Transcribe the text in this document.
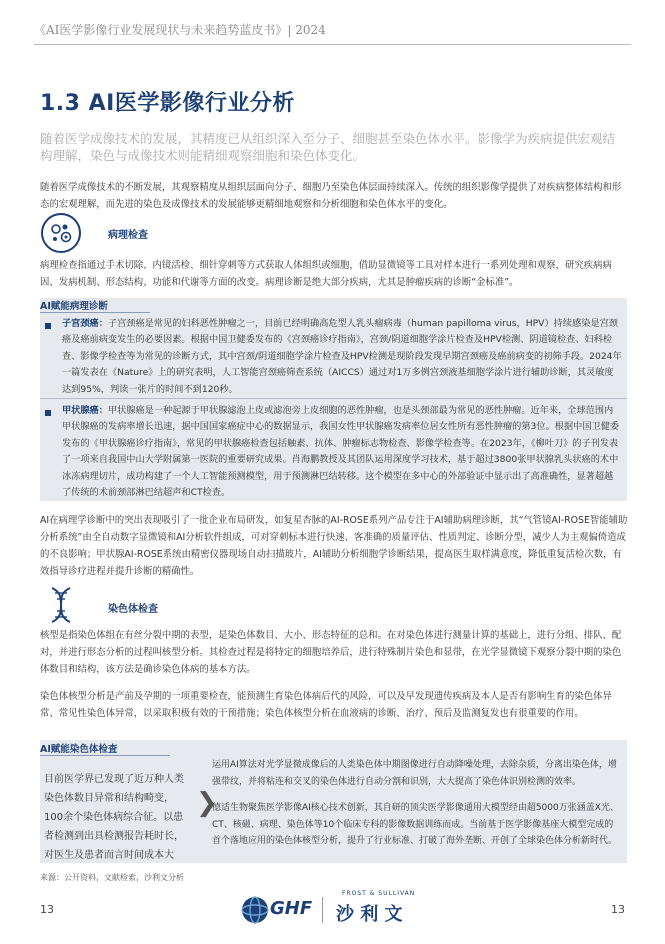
《AI医学影像行业发展现状与未来趋势蓝皮书》| 2024
1.3 AI医学影像行业分析
随着医学成像技术的发展，其精度已从组织深入至分子、细胞甚至染色体水平。影像学为疾病提供宏观结构理解，染色与成像技术则能精细观察细胞和染色体变化。
随着医学成像技术的不断发展，其观察精度从组织层面向分子、细胞乃至染色体层面持续深入。传统的组织影像学提供了对疾病整体结构和形态的宏观理解，而先进的染色及成像技术的发展能够更精细地观察和分析细胞和染色体水平的变化。
病理检查
病理检查指通过手术切除、内镜活检、细针穿刺等方式获取人体组织或细胞，借助显微镜等工具对样本进行一系列处理和观察，研究疾病病因、发病机制、形态结构、功能和代谢等方面的改变。病理诊断是绝大部分疾病，尤其是肿瘤疾病的诊断“金标准”。
AI赋能病理诊断
子宫颈癌：子宫颈癌是常见的妇科恶性肿瘤之一，目前已经明确高危型人乳头瘤病毒（human papilloma virus，HPV）持续感染是宫颈癌及癌前病变发生的必要因素。根据中国卫健委发布的《宫颈癌诊疗指南》，宫颈/阴道细胞学涂片检查及HPV检测、阴道镜检查、妇科检查、影像学检查等为常见的诊断方式，其中宫颈/阴道细胞学涂片检查及HPV检测是现阶段发现早期宫颈癌及癌前病变的初筛手段。2024年一篇发表在《Nature》上的研究表明，人工智能宫颈癌筛查系统（AICCS）通过对1万多例宫颈液基细胞学涂片进行辅助诊断，其灵敏度达到95%，判读一张片的时间不到120秒。
甲状腺癌：甲状腺癌是一种起源于甲状腺滤泡上皮或滤泡旁上皮细胞的恶性肿瘤，也是头颈部最为常见的恶性肿瘤。近年来，全球范围内甲状腺癌的发病率增长迅速，据中国国家癌症中心的数据显示，我国女性甲状腺癌发病率位居女性所有恶性肿瘤的第3位。根据中国卫健委发布的《甲状腺癌诊疗指南》，常见的甲状腺癌检查包括触素、抗体、肿瘤标志物检查、影像学检查等。在2023年，《柳叶刀》的子刊发表了一项来自我国中山大学附属第一医院的重要研究成果。肖海鹏教授及其团队运用深度学习技术，基于超过3800张甲状腺乳头状癌的术中冰冻病理切片，成功构建了一个人工智能预测模型，用于预测淋巴结转移。这个模型在多中心的外部验证中显示出了高准确性，显著超越了传统的术前颈部淋巴结超声和CT检查。
AI在病理学诊断中的突出表现吸引了一批企业布局研发，如复星杏脉的AI-ROSE系列产品专注于AI辅助病理诊断，其“气管镜AI-ROSE智能辅助分析系统”由全自动数字显微镜和AI分析软件组成，可对穿刺标本进行快速、客准确的质量评估、性质判定、诊断分型，减少人为主观偏倚造成的不良影响；甲状腺AI-ROSE系统由精密仪器现场自动扫描玻片，AI辅助分析细胞学诊断结果，提高医生取样满意度，降低重复活检次数，有效指导诊疗进程并提升诊断的精确性。
染色体检查
核型是指染色体组在有丝分裂中期的表型，是染色体数目、大小、形态特征的总和。在对染色体进行测量计算的基础上，进行分组、排队、配对，并进行形态分析的过程叫核型分析。其检查过程是将特定的细胞培养后，进行特殊制片染色和显带，在光学显微镜下观察分裂中期的染色体数目和结构，该方法是确诊染色体病的基本方法。
染色体核型分析是产前及孕期的一项重要检查，能预测生育染色体病后代的风险，可以及早发现遗传疾病及本人是否有影响生育的染色体异常、常见性染色体异常，以采取积极有效的干预措施；染色体核型分析在血液病的诊断、治疗、预后及监测复发也有很重要的作用。
AI赋能染色体检查
目前医学界已发现了近万种人类染色体数目异常和结构畸变，100余个染色体病综合征。以患者检测到出具检测报告耗时长，对医生及患者而言时间成本大
❯
运用AI算法对光学显微成像后的人类染色体中期图像进行自动降噪处理，去除杂质，分离出染色体，增强带纹，并将粘连和交叉的染色体进行自动分割和识别，大大提高了染色体识别检测的效率。
德适生物聚焦医学影像AI核心技术创新，其自研的顶尖医学影像通用大模型经由超5000万张涵盖X光、CT、核磁、病理、染色体等10个临床专科的影像数据训练而成。当前基于医学影像基座大模型完成的首个落地应用的染色体核型分析，提升了行业标准、打破了海外垄断、开创了全球染色体分析新时代。
来源：公开资料，文献检索，沙利文分析
13	13
GHF
FROST & SULLIVAN
沙 利 文
